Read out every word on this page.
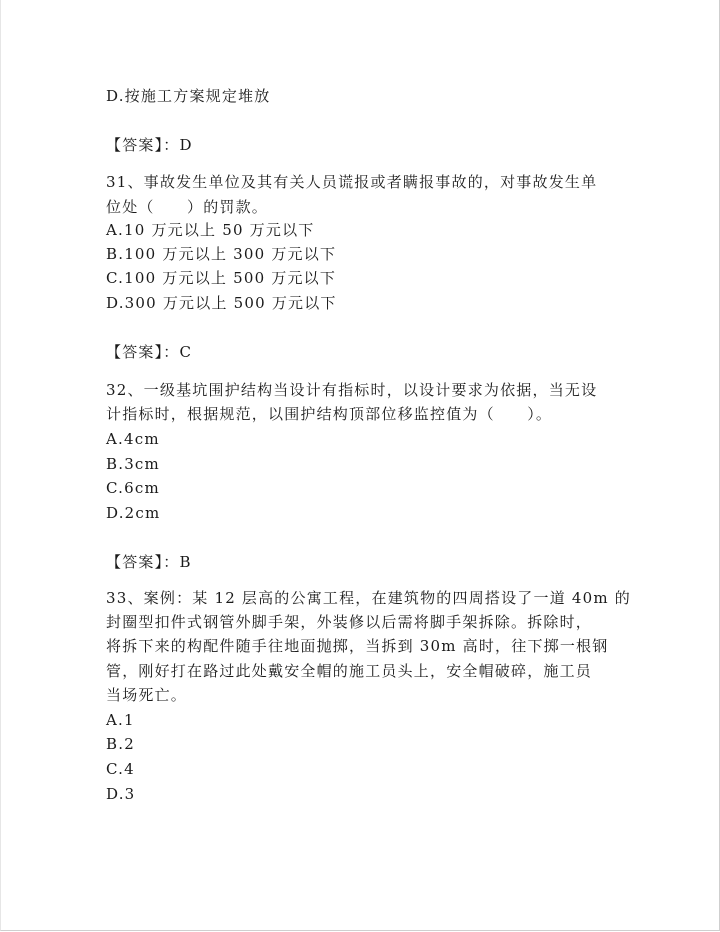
D.按施工方案规定堆放
【答案】：D
31、事故发生单位及其有关人员谎报或者瞒报事故的，对事故发生单
位处（　　）的罚款。
A.10 万元以上 50 万元以下
B.100 万元以上 300 万元以下
C.100 万元以上 500 万元以下
D.300 万元以上 500 万元以下
【答案】：C
32、一级基坑围护结构当设计有指标时，以设计要求为依据，当无设
计指标时，根据规范，以围护结构顶部位移监控值为（　　）。
A.4cm
B.3cm
C.6cm
D.2cm
【答案】：B
33、案例：某 12 层高的公寓工程，在建筑物的四周搭设了一道 40m 的
封圈型扣件式钢管外脚手架，外装修以后需将脚手架拆除。拆除时，
将拆下来的构配件随手往地面抛掷，当拆到 30m 高时，往下掷一根钢
管，刚好打在路过此处戴安全帽的施工员头上，安全帽破碎，施工员
当场死亡。
A.1
B.2
C.4
D.3
